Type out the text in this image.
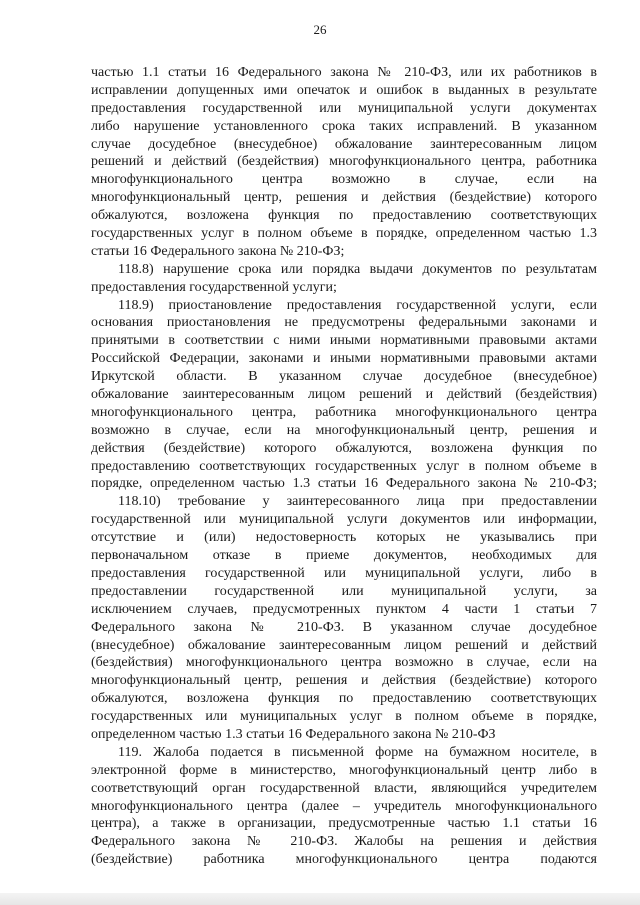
26
частью 1.1 статьи 16 Федерального закона № 210-ФЗ, или их работников в
исправлении допущенных ими опечаток и ошибок в выданных в результате
предоставления государственной или муниципальной услуги документах
либо нарушение установленного срока таких исправлений. В указанном
случае досудебное (внесудебное) обжалование заинтересованным лицом
решений и действий (бездействия) многофункционального центра, работника
многофункционального центра возможно в случае, если на
многофункциональный центр, решения и действия (бездействие) которого
обжалуются, возложена функция по предоставлению соответствующих
государственных услуг в полном объеме в порядке, определенном частью 1.3
статьи 16 Федерального закона № 210-ФЗ;
118.8) нарушение срока или порядка выдачи документов по результатам
предоставления государственной услуги;
118.9) приостановление предоставления государственной услуги, если
основания приостановления не предусмотрены федеральными законами и
принятыми в соответствии с ними иными нормативными правовыми актами
Российской Федерации, законами и иными нормативными правовыми актами
Иркутской области. В указанном случае досудебное (внесудебное)
обжалование заинтересованным лицом решений и действий (бездействия)
многофункционального центра, работника многофункционального центра
возможно в случае, если на многофункциональный центр, решения и
действия (бездействие) которого обжалуются, возложена функция по
предоставлению соответствующих государственных услуг в полном объеме в
порядке, определенном частью 1.3 статьи 16 Федерального закона № 210-ФЗ;
118.10) требование у заинтересованного лица при предоставлении
государственной или муниципальной услуги документов или информации,
отсутствие и (или) недостоверность которых не указывались при
первоначальном отказе в приеме документов, необходимых для
предоставления государственной или муниципальной услуги, либо в
предоставлении государственной или муниципальной услуги, за
исключением случаев, предусмотренных пунктом 4 части 1 статьи 7
Федерального закона № 210-ФЗ. В указанном случае досудебное
(внесудебное) обжалование заинтересованным лицом решений и действий
(бездействия) многофункционального центра возможно в случае, если на
многофункциональный центр, решения и действия (бездействие) которого
обжалуются, возложена функция по предоставлению соответствующих
государственных или муниципальных услуг в полном объеме в порядке,
определенном частью 1.3 статьи 16 Федерального закона № 210-ФЗ
119. Жалоба подается в письменной форме на бумажном носителе, в
электронной форме в министерство, многофункциональный центр либо в
соответствующий орган государственной власти, являющийся учредителем
многофункционального центра (далее – учредитель многофункционального
центра), а также в организации, предусмотренные частью 1.1 статьи 16
Федерального закона № 210-ФЗ. Жалобы на решения и действия
(бездействие) работника многофункционального центра подаются
